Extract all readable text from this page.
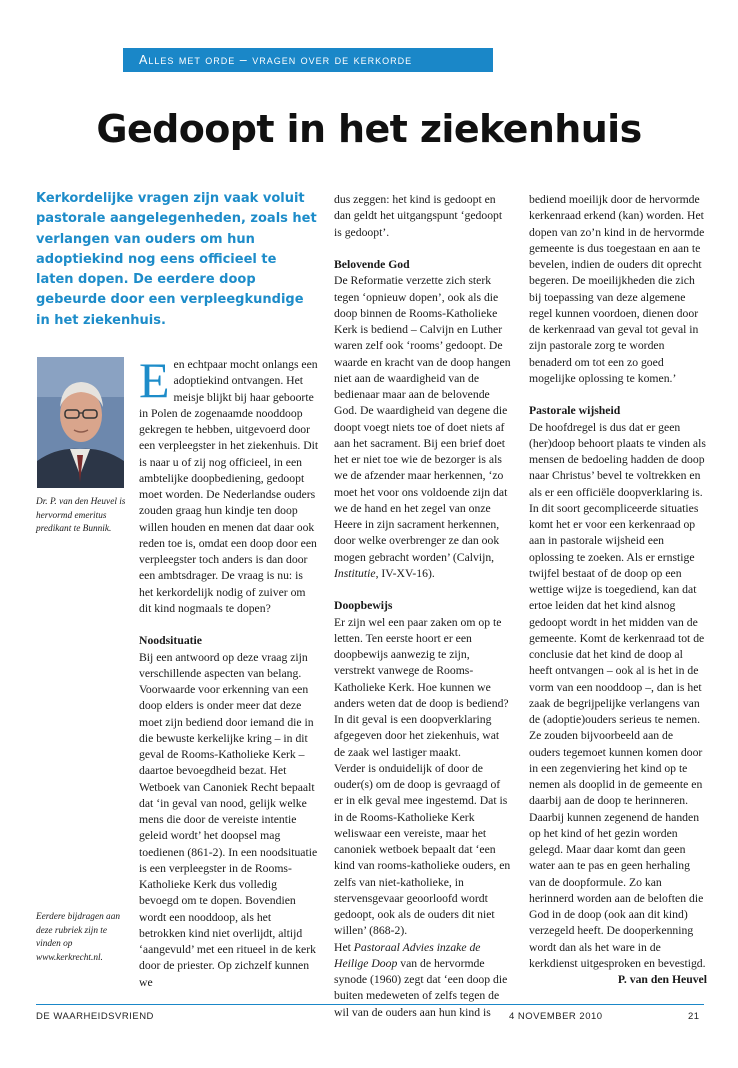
Alles met orde – vragen over de kerkorde
Gedoopt in het ziekenhuis
Kerkordelijke vragen zijn vaak voluit pastorale aangelegenheden, zoals het verlangen van ouders om hun adoptiekind nog eens officieel te laten dopen. De eerdere doop gebeurde door een verpleegkundige in het ziekenhuis.
Dr. P. van den Heuvel is hervormd emeritus predikant te Bunnik.
Eerdere bijdragen aan deze rubriek zijn te vinden op www.kerkrecht.nl.

Een echtpaar mocht onlangs een adoptiekind ontvangen. Het meisje blijkt bij haar geboorte in Polen de zogenaamde nooddoop gekregen te hebben, uitgevoerd door een verpleegster in het ziekenhuis. Dit is naar u of zij nog officieel, in een ambtelijke doopbediening, gedoopt moet worden. De Nederlandse ouders zouden graag hun kindje ten doop willen houden en menen dat daar ook reden toe is, omdat een doop door een verpleegster toch anders is dan door een ambtsdrager. De vraag is nu: is het kerkordelijk nodig of zuiver om dit kind nogmaals te dopen?

Noodsituatie

Bij een antwoord op deze vraag zijn verschillende aspecten van belang. Voorwaarde voor erkenning van een doop elders is onder meer dat deze moet zijn bediend door iemand die in die bewuste kerkelijke kring – in dit geval de Rooms-Katholieke Kerk – daartoe bevoegdheid bezat. Het Wetboek van Canoniek Recht bepaalt dat ‘in geval van nood, gelijk welke mens die door de vereiste intentie geleid wordt’ het doopsel mag toedienen (861-2). In een noodsituatie is een verpleegster in de Rooms-Katholieke Kerk dus volledig bevoegd om te dopen. Bovendien wordt een nooddoop, als het betrokken kind niet overlijdt, altijd ‘aangevuld’ met een ritueel in de kerk door de priester. Op zichzelf kunnen we

dus zeggen: het kind is gedoopt en dan geldt het uitgangspunt ‘gedoopt is gedoopt’.

Belovende God

De Reformatie verzette zich sterk tegen ‘opnieuw dopen’, ook als die doop binnen de Rooms-Katholieke Kerk is bediend – Calvijn en Luther waren zelf ook ‘rooms’ gedoopt. De waarde en kracht van de doop hangen niet aan de waardigheid van de bedienaar maar aan de belovende God. De waardigheid van degene die doopt voegt niets toe of doet niets af aan het sacrament. Bij een brief doet het er niet toe wie de bezorger is als we de afzender maar herkennen, ‘zo moet het voor ons voldoende zijn dat we de hand en het zegel van onze Heere in zijn sacrament herkennen, door welke overbrenger ze dan ook mogen gebracht worden’ (Calvijn, Institutie, IV-XV-16).

Doopbewijs

Er zijn wel een paar zaken om op te letten. Ten eerste hoort er een doopbewijs aanwezig te zijn, verstrekt vanwege de Rooms-Katholieke Kerk. Hoe kunnen we anders weten dat de doop is bediend? In dit geval is een doopverklaring afgegeven door het ziekenhuis, wat de zaak wel lastiger maakt.

Verder is onduidelijk of door de ouder(s) om de doop is gevraagd of er in elk geval mee ingestemd. Dat is in de Rooms-Katholieke Kerk weliswaar een vereiste, maar het canoniek wetboek bepaalt dat ‘een kind van rooms-katholieke ouders, en zelfs van niet-katholieke, in stervensgevaar geoorloofd wordt gedoopt, ook als de ouders dit niet willen’ (868-2).

Het Pastoraal Advies inzake de Heilige Doop van de hervormde synode (1960) zegt dat ‘een doop die buiten medeweten of zelfs tegen de wil van de ouders aan hun kind is

bediend moeilijk door de hervormde kerkenraad erkend (kan) worden. Het dopen van zo’n kind in de hervormde gemeente is dus toegestaan en aan te bevelen, indien de ouders dit oprecht begeren. De moeilijkheden die zich bij toepassing van deze algemene regel kunnen voordoen, dienen door de kerkenraad van geval tot geval in zijn pastorale zorg te worden benaderd om tot een zo goed mogelijke oplossing te komen.’

Pastorale wijsheid

De hoofdregel is dus dat er geen (her)doop behoort plaats te vinden als mensen de bedoeling hadden de doop naar Christus’ bevel te voltrekken en als er een officiële doopverklaring is. In dit soort gecompliceerde situaties komt het er voor een kerkenraad op aan in pastorale wijsheid een oplossing te zoeken. Als er ernstige twijfel bestaat of de doop op een wettige wijze is toegediend, kan dat ertoe leiden dat het kind alsnog gedoopt wordt in het midden van de gemeente. Komt de kerkenraad tot de conclusie dat het kind de doop al heeft ontvangen – ook al is het in de vorm van een nooddoop –, dan is het zaak de begrijpelijke verlangens van de (adoptie)ouders serieus te nemen. Ze zouden bijvoorbeeld aan de ouders tegemoet kunnen komen door in een zegenviering het kind op te nemen als dooplid in de gemeente en daarbij aan de doop te herinneren. Daarbij kunnen zegenend de handen op het kind of het gezin worden gelegd. Maar daar komt dan geen water aan te pas en geen herhaling van de doopformule. Zo kan herinnerd worden aan de beloften die God in de doop (ook aan dit kind) verzegeld heeft. De dooperkenning wordt dan als het ware in de kerkdienst uitgesproken en bevestigd.

P. van den Heuvel

DE WAARHEIDSVRIEND	4 NOVEMBER 2010	21
